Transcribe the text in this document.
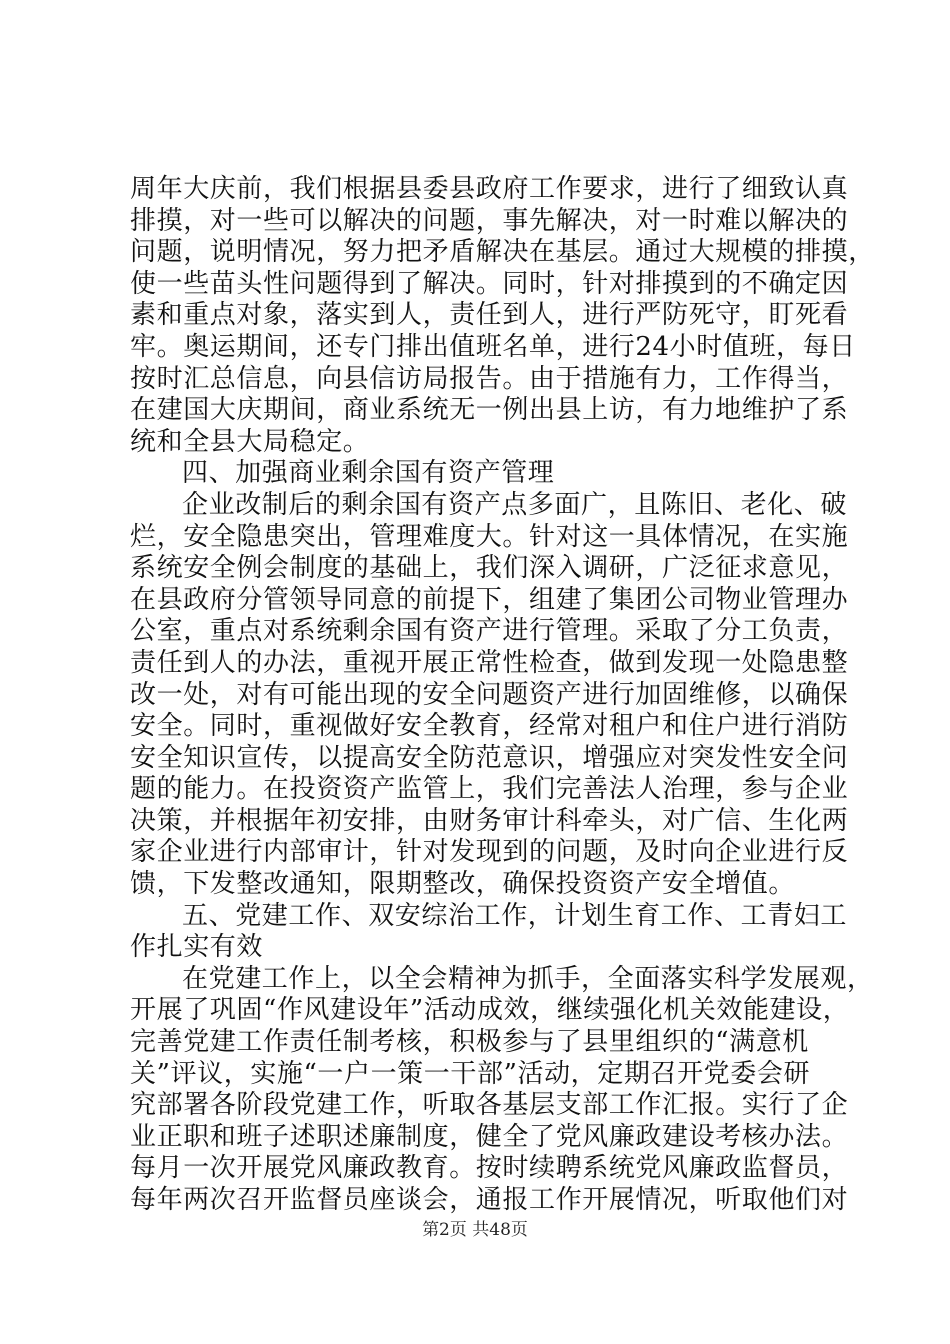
周年大庆前，我们根据县委县政府工作要求，进行了细致认真
排摸，对一些可以解决的问题，事先解决，对一时难以解决的
问题，说明情况，努力把矛盾解决在基层。通过大规模的排摸，
使一些苗头性问题得到了解决。同时，针对排摸到的不确定因
素和重点对象，落实到人，责任到人，进行严防死守，盯死看
牢。奥运期间，还专门排出值班名单，进行24小时值班，每日
按时汇总信息，向县信访局报告。由于措施有力，工作得当，
在建国大庆期间，商业系统无一例出县上访，有力地维护了系
统和全县大局稳定。
四、加强商业剩余国有资产管理
企业改制后的剩余国有资产点多面广，且陈旧、老化、破
烂，安全隐患突出，管理难度大。针对这一具体情况，在实施
系统安全例会制度的基础上，我们深入调研，广泛征求意见，
在县政府分管领导同意的前提下，组建了集团公司物业管理办
公室，重点对系统剩余国有资产进行管理。采取了分工负责，
责任到人的办法，重视开展正常性检查，做到发现一处隐患整
改一处，对有可能出现的安全问题资产进行加固维修，以确保
安全。同时，重视做好安全教育，经常对租户和住户进行消防
安全知识宣传，以提高安全防范意识，增强应对突发性安全问
题的能力。在投资资产监管上，我们完善法人治理，参与企业
决策，并根据年初安排，由财务审计科牵头，对广信、生化两
家企业进行内部审计，针对发现到的问题，及时向企业进行反
馈，下发整改通知，限期整改，确保投资资产安全增值。
五、党建工作、双安综治工作，计划生育工作、工青妇工
作扎实有效
在党建工作上，以全会精神为抓手，全面落实科学发展观，
开展了巩固“作风建设年”活动成效，继续强化机关效能建设，
完善党建工作责任制考核，积极参与了县里组织的“满意机
关”评议，实施“一户一策一干部”活动，定期召开党委会研
究部署各阶段党建工作，听取各基层支部工作汇报。实行了企
业正职和班子述职述廉制度，健全了党风廉政建设考核办法。
每月一次开展党风廉政教育。按时续聘系统党风廉政监督员，
每年两次召开监督员座谈会，通报工作开展情况，听取他们对
第2页 共48页
